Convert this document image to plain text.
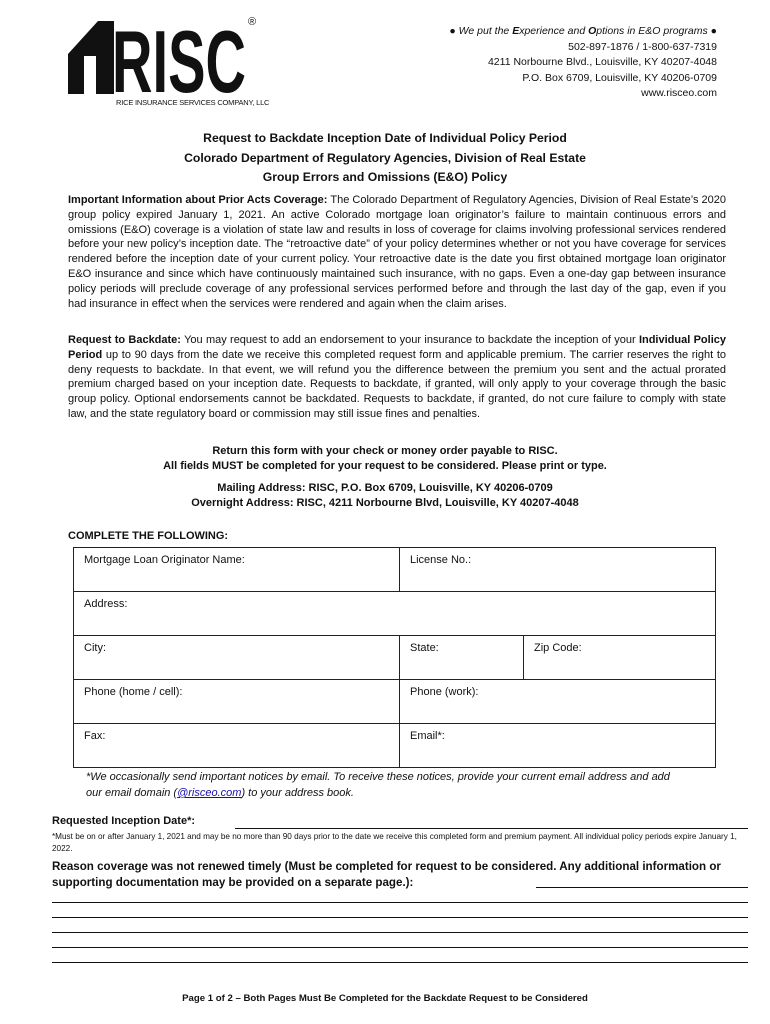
RISC ®
RICE INSURANCE SERVICES COMPANY, LLC
● We put the Experience and Options in E&O programs ●
502-897-1876 / 1-800-637-7319
4211 Norbourne Blvd., Louisville, KY 40207-4048
P.O. Box 6709, Louisville, KY 40206-0709
www.risceo.com
Request to Backdate Inception Date of Individual Policy Period
Colorado Department of Regulatory Agencies, Division of Real Estate
Group Errors and Omissions (E&O) Policy
Important Information about Prior Acts Coverage: The Colorado Department of Regulatory Agencies, Division of Real Estate’s 2020 group policy expired January 1, 2021. An active Colorado mortgage loan originator’s failure to maintain continuous errors and omissions (E&O) coverage is a violation of state law and results in loss of coverage for claims involving professional services rendered before your new policy’s inception date. The “retroactive date” of your policy determines whether or not you have coverage for services rendered before the inception date of your current policy. Your retroactive date is the date you first obtained mortgage loan originator E&O insurance and since which have continuously maintained such insurance, with no gaps. Even a one-day gap between insurance policy periods will preclude coverage of any professional services performed before and through the last day of the gap, even if you had insurance in effect when the services were rendered and again when the claim arises.
Request to Backdate: You may request to add an endorsement to your insurance to backdate the inception of your Individual Policy Period up to 90 days from the date we receive this completed request form and applicable premium. The carrier reserves the right to deny requests to backdate. In that event, we will refund you the difference between the premium you sent and the actual prorated premium charged based on your inception date. Requests to backdate, if granted, will only apply to your coverage through the basic group policy. Optional endorsements cannot be backdated. Requests to backdate, if granted, do not cure failure to comply with state law, and the state regulatory board or commission may still issue fines and penalties.
Return this form with your check or money order payable to RISC.
All fields MUST be completed for your request to be considered. Please print or type.
Mailing Address: RISC, P.O. Box 6709, Louisville, KY 40206-0709
Overnight Address: RISC, 4211 Norbourne Blvd, Louisville, KY 40207-4048
COMPLETE THE FOLLOWING:
Mortgage Loan Originator Name:	License No.:	
Address:		
City:	State:	Zip Code:
Phone (home / cell):	Phone (work):	
Fax:	Email*:	
*We occasionally send important notices by email. To receive these notices, provide your current email address and add our email domain (@risceo.com) to your address book.
Requested Inception Date*:
*Must be on or after January 1, 2021 and may be no more than 90 days prior to the date we receive this completed form and premium payment. All individual policy periods expire January 1, 2022.
Reason coverage was not renewed timely (Must be completed for request to be considered. Any additional information or supporting documentation may be provided on a separate page.):
Page 1 of 2 – Both Pages Must Be Completed for the Backdate Request to be Considered
